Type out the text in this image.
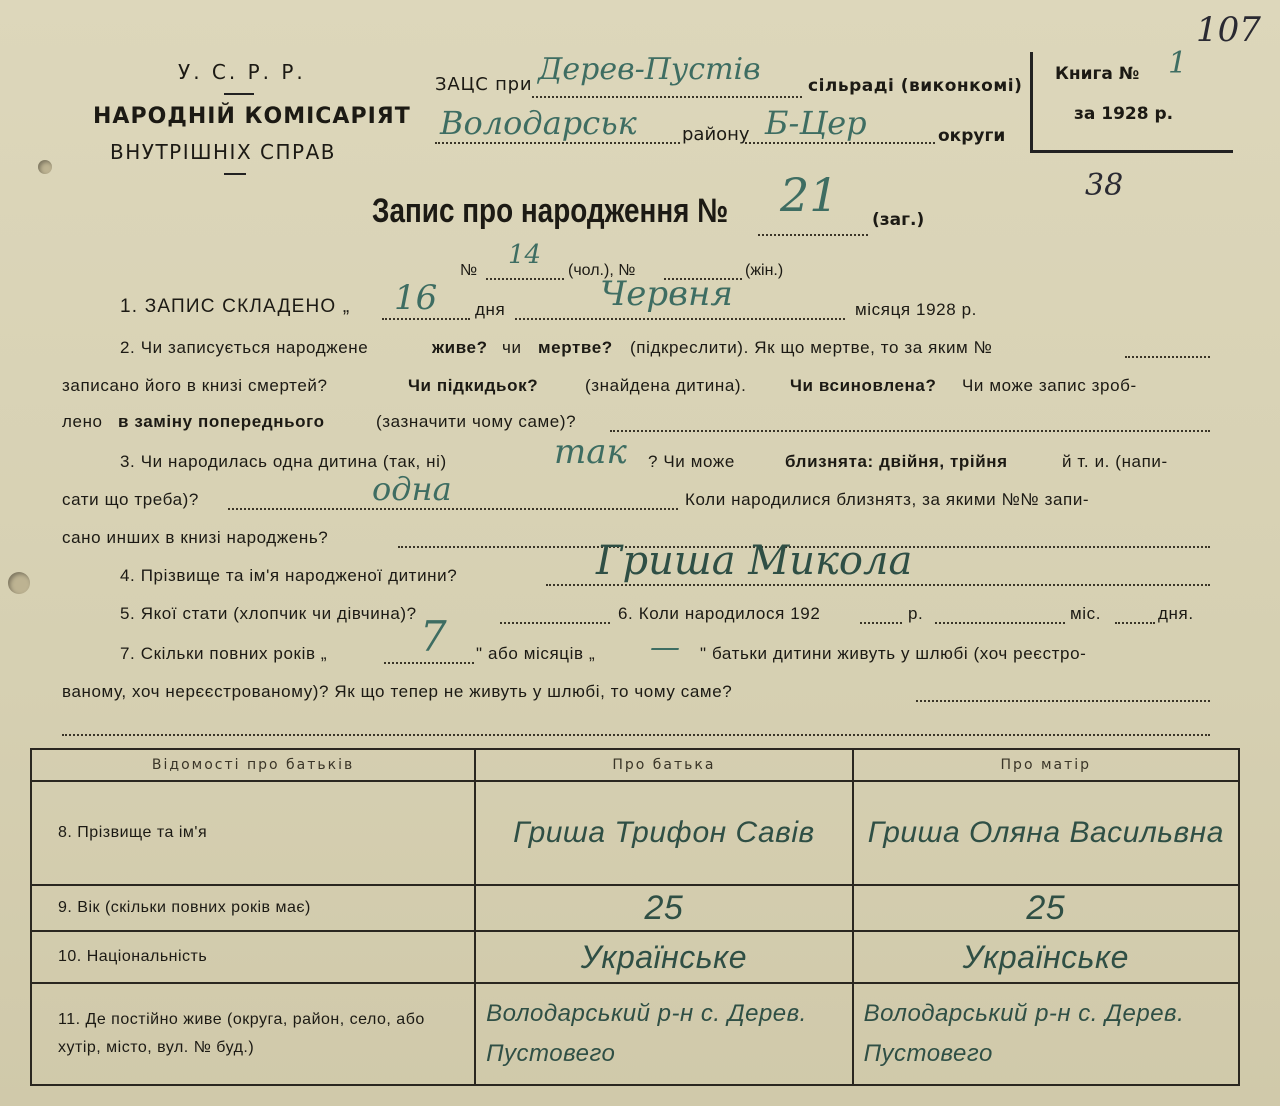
107
У. С. Р. Р.
НАРОДНІЙ КОМІСАРІЯТ
ВНУТРІШНІХ СПРАВ
ЗАЦС при Дерев-Пустів	сільраді (виконкомі)
Володарськ	району Б-Цер	округи
Книга № 1
за 1928 р.
38
Запис про народження № 21 (заг.)
№
14
(чол.), №	(жін.)
1. ЗАПИС СКЛАДЕНО „ 16 дня	Червня	місяця 1928 р.
2. Чи записується народжене	живе? чи мертве? (підкреслити). Як що мертве, то за яким №
записано його в книзі смертей?	Чи підкидьок?	(знайдена дитина).	Чи всиновлена? Чи може запис зроб-
лено в заміну попереднього	(зазначити чому саме)?
3. Чи народилась одна дитина (так, ні)	так ? Чи може	близнята: двійня, трійня	й т. и. (напи-
сати що треба)?	одна	Коли народилися близнятз, за якими №№ запи-
сано инших в книзі народжень?
4. Прізвище та ім'я народженої дитини?	Гриша Микола
5. Якої стати (хлопчик чи дівчина)?	6. Коли народилося 192	р.	міс.	дня.
7. Скільки повних років „ 7 " або місяців „ — " батьки дитини живуть у шлюбі (хоч реєстро-
ваному, хоч нерєєстрованому)? Як що тепер не живуть у шлюбі, то чому саме?
Відомості про батьків	Про батька	Про матір
8. Прізвище та ім'я	Гриша Трифон Савів	Гриша Оляна Васильвна
9. Вік (скільки повних років має)	25	25
10. Національність	Українське	Українське
11. Де постійно живе (округа, район, село, або хутір, місто, вул. № буд.)	Володарський р-н с. Дерев. Пустовего	Володарський р-н с. Дерев. Пустовего
